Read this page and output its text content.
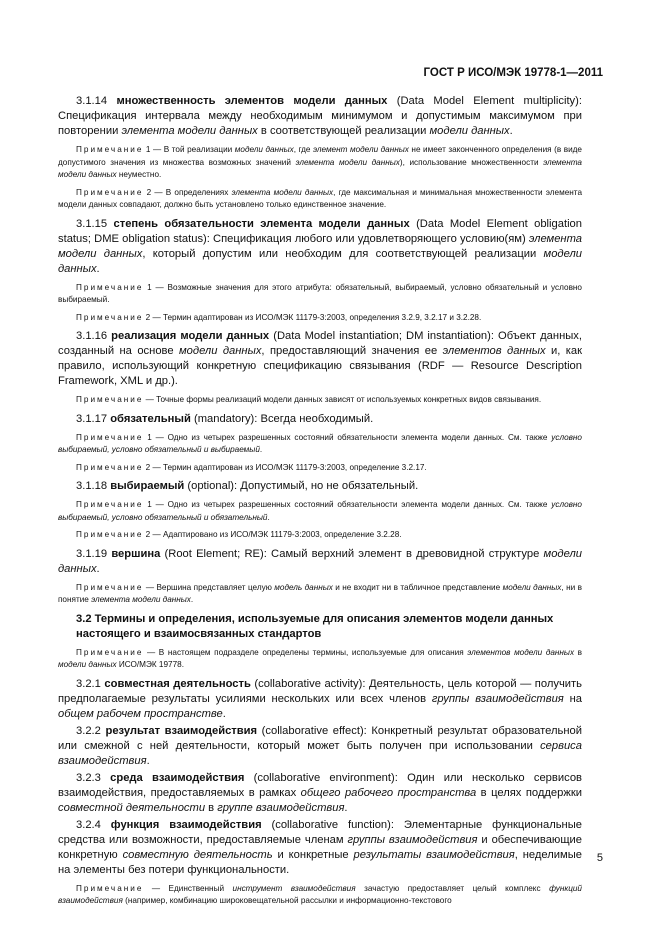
ГОСТ Р ИСО/МЭК 19778-1—2011

3.1.14 множественность элементов модели данных (Data Model Element multiplicity): Спецификация интервала между необходимым минимумом и допустимым максимумом при повторении элемента модели данных в соответствующей реализации модели данных.

Примечание 1 — В той реализации модели данных, где элемент модели данных не имеет законченного определения (в виде допустимого значения из множества возможных значений элемента модели данных), использование множественности элемента модели данных неуместно.

Примечание 2 — В определениях элемента модели данных, где максимальная и минимальная множественности элемента модели данных совпадают, должно быть установлено только единственное значение.

3.1.15 степень обязательности элемента модели данных (Data Model Element obligation status; DME obligation status): Спецификация любого или удовлетворяющего условию(ям) элемента модели данных, который допустим или необходим для соответствующей реализации модели данных.

Примечание 1 — Возможные значения для этого атрибута: обязательный, выбираемый, условно обязательный и условно выбираемый.

Примечание 2 — Термин адаптирован из ИСО/МЭК 11179-3:2003, определения 3.2.9, 3.2.17 и 3.2.28.

3.1.16 реализация модели данных (Data Model instantiation; DM instantiation): Объект данных, созданный на основе модели данных, предоставляющий значения ее элементов данных и, как правило, использующий конкретную спецификацию связывания (RDF — Resource Description Framework, XML и др.).

Примечание — Точные формы реализаций модели данных зависят от используемых конкретных видов связывания.

3.1.17 обязательный (mandatory): Всегда необходимый.

Примечание 1 — Одно из четырех разрешенных состояний обязательности элемента модели данных. См. также условно выбираемый, условно обязательный и выбираемый.

Примечание 2 — Термин адаптирован из ИСО/МЭК 11179-3:2003, определение 3.2.17.

3.1.18 выбираемый (optional): Допустимый, но не обязательный.

Примечание 1 — Одно из четырех разрешенных состояний обязательности элемента модели данных. См. также условно выбираемый, условно обязательный и обязательный.

Примечание 2 — Адаптировано из ИСО/МЭК 11179-3:2003, определение 3.2.28.

3.1.19 вершина (Root Element; RE): Самый верхний элемент в древовидной структуре модели данных.

Примечание — Вершина представляет целую модель данных и не входит ни в табличное представление модели данных, ни в понятие элемента модели данных.

3.2 Термины и определения, используемые для описания элементов модели данных настоящего и взаимосвязанных стандартов

Примечание — В настоящем подразделе определены термины, используемые для описания элементов модели данных в модели данных ИСО/МЭК 19778.

3.2.1 совместная деятельность (collaborative activity): Деятельность, цель которой — получить предполагаемые результаты усилиями нескольких или всех членов группы взаимодействия на общем рабочем пространстве.

3.2.2 результат взаимодействия (collaborative effect): Конкретный результат образовательной или смежной с ней деятельности, который может быть получен при использовании сервиса взаимодействия.

3.2.3 среда взаимодействия (collaborative environment): Один или несколько сервисов взаимодействия, предоставляемых в рамках общего рабочего пространства в целях поддержки совместной деятельности в группе взаимодействия.

3.2.4 функция взаимодействия (collaborative function): Элементарные функциональные средства или возможности, предоставляемые членам группы взаимодействия и обеспечивающие конкретную совместную деятельность и конкретные результаты взаимодействия, неделимые на элементы без потери функциональности.

Примечание — Единственный инструмент взаимодействия зачастую предоставляет целый комплекс функций взаимодействия (например, комбинацию широковещательной рассылки и информационно-текстового

5
